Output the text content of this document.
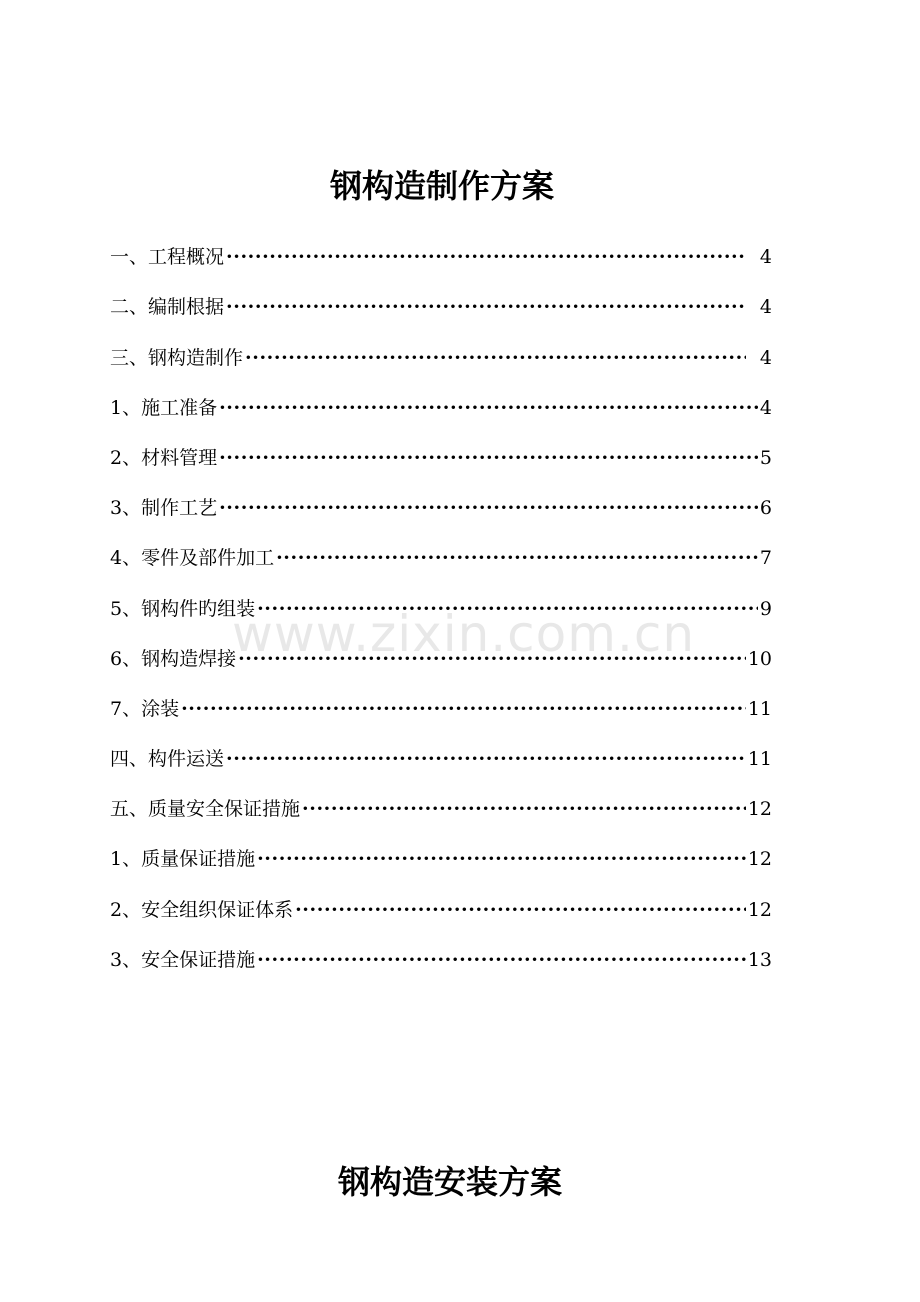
钢构造制作方案
www.zixin.com.cn
一、工程概况 ·····	4
二、编制根据 ·····	4
三、钢构造制作 ·····	4
1、施工准备 ·····	4
2、材料管理 ·····	5
3、制作工艺 ·····	6
4、零件及部件加工 ·····	7
5、钢构件旳组装 ·····	9
6、钢构造焊接 ·····	10
7、涂装 ·····	11
四、构件运送 ·····	11
五、质量安全保证措施 ·····	12
1、质量保证措施 ·····	12
2、安全组织保证体系 ·····	12
3、安全保证措施 ·····	13
钢构造安装方案
